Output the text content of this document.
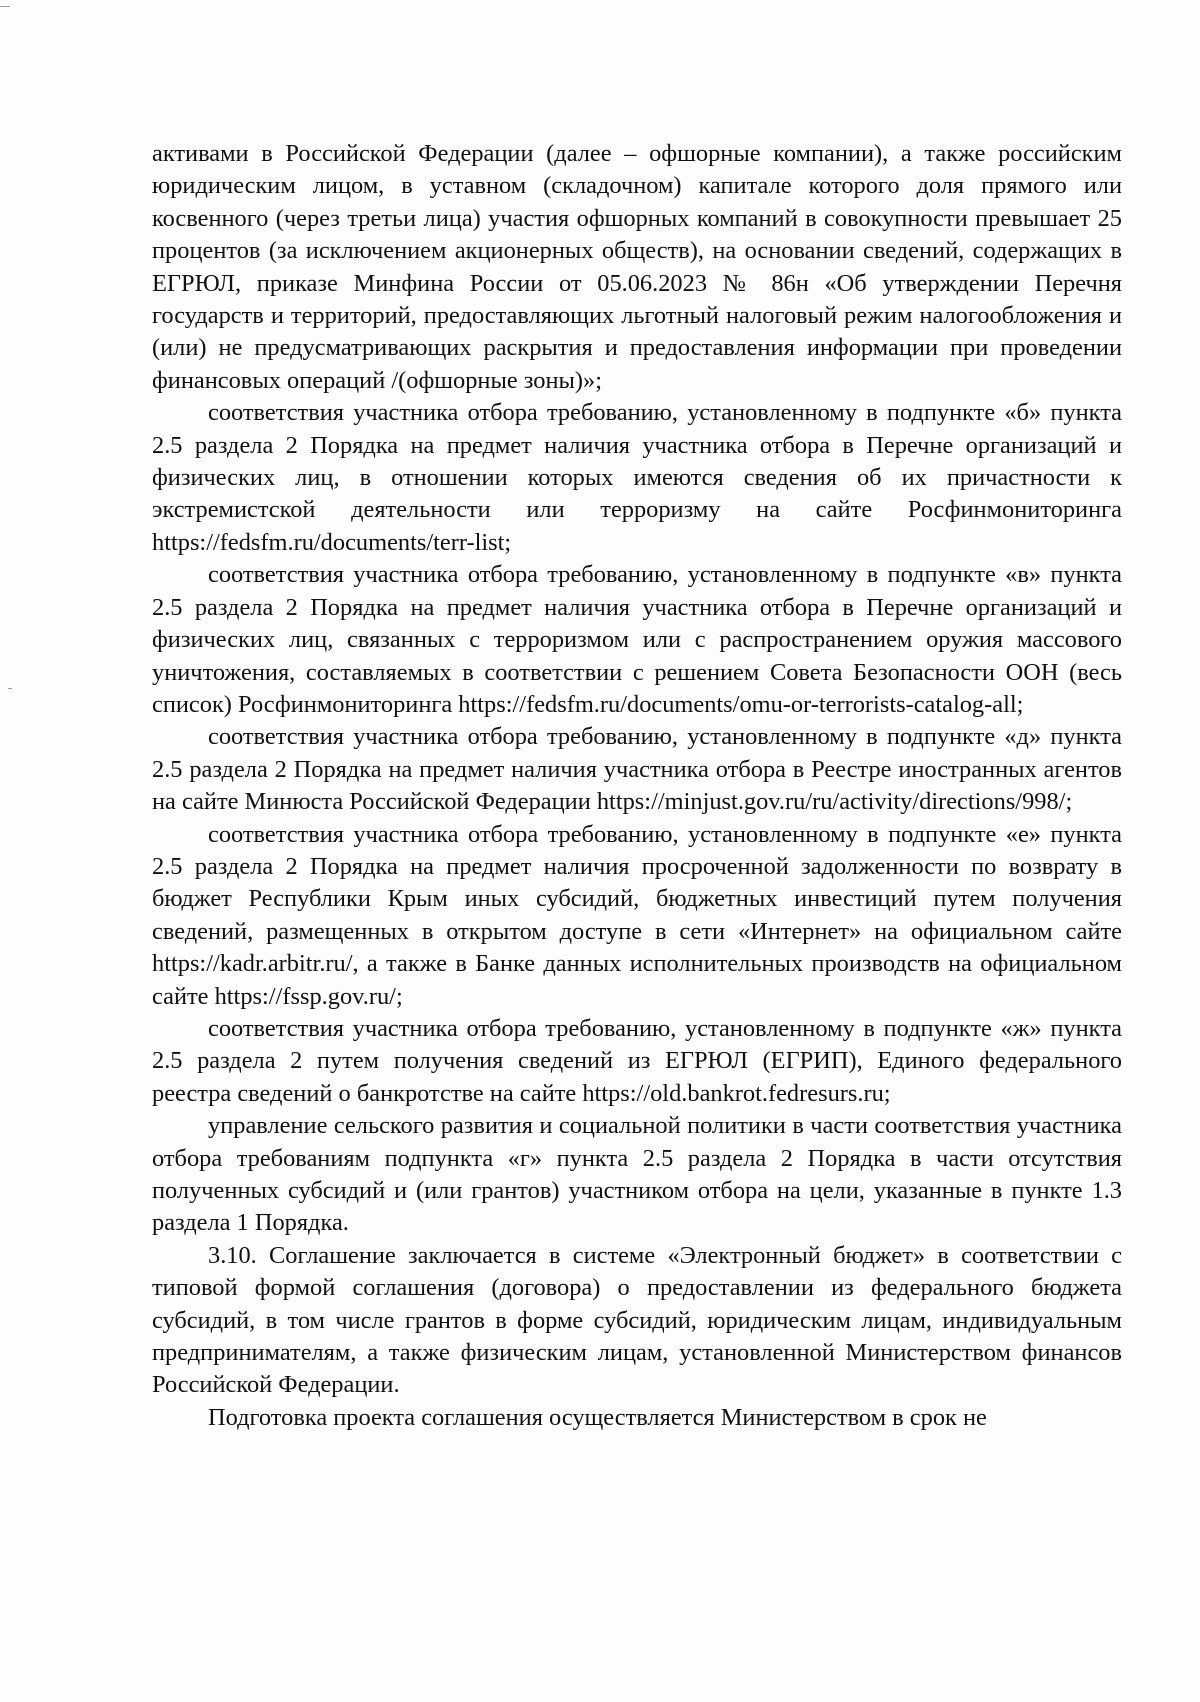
активами в Российской Федерации (далее – офшорные компании), а также российским юридическим лицом, в уставном (складочном) капитале которого доля прямого или косвенного (через третьи лица) участия офшорных компаний в совокупности превышает 25 процентов (за исключением акционерных обществ), на основании сведений, содержащих в ЕГРЮЛ, приказе Минфина России от 05.06.2023 № 86н «Об утверждении Перечня государств и территорий, предоставляющих льготный налоговый режим налогообложения и (или) не предусматривающих раскрытия и предоставления информации при проведении финансовых операций /(офшорные зоны)»;

соответствия участника отбора требованию, установленному в подпункте «б» пункта 2.5 раздела 2 Порядка на предмет наличия участника отбора в Перечне организаций и физических лиц, в отношении которых имеются сведения об их причастности к экстремистской деятельности или терроризму на сайте Росфинмониторинга https://fedsfm.ru/documents/terr-list;

соответствия участника отбора требованию, установленному в подпункте «в» пункта 2.5 раздела 2 Порядка на предмет наличия участника отбора в Перечне организаций и физических лиц, связанных с терроризмом или с распространением оружия массового уничтожения, составляемых в соответствии с решением Совета Безопасности ООН (весь список) Росфинмониторинга https://fedsfm.ru/documents/omu-or-terrorists-catalog-all;

соответствия участника отбора требованию, установленному в подпункте «д» пункта 2.5 раздела 2 Порядка на предмет наличия участника отбора в Реестре иностранных агентов на сайте Минюста Российской Федерации https://minjust.gov.ru/ru/activity/directions/998/;

соответствия участника отбора требованию, установленному в подпункте «е» пункта 2.5 раздела 2 Порядка на предмет наличия просроченной задолженности по возврату в бюджет Республики Крым иных субсидий, бюджетных инвестиций путем получения сведений, размещенных в открытом доступе в сети «Интернет» на официальном сайте https://kadr.arbitr.ru/, а также в Банке данных исполнительных производств на официальном сайте https://fssp.gov.ru/;

соответствия участника отбора требованию, установленному в подпункте «ж» пункта 2.5 раздела 2 путем получения сведений из ЕГРЮЛ (ЕГРИП), Единого федерального реестра сведений о банкротстве на сайте https://old.bankrot.fedresurs.ru;

управление сельского развития и социальной политики в части соответствия участника отбора требованиям подпункта «г» пункта 2.5 раздела 2 Порядка в части отсутствия полученных субсидий и (или грантов) участником отбора на цели, указанные в пункте 1.3 раздела 1 Порядка.

3.10. Соглашение заключается в системе «Электронный бюджет» в соответствии с типовой формой соглашения (договора) о предоставлении из федерального бюджета субсидий, в том числе грантов в форме субсидий, юридическим лицам, индивидуальным предпринимателям, а также физическим лицам, установленной Министерством финансов Российской Федерации.

Подготовка проекта соглашения осуществляется Министерством в срок не
